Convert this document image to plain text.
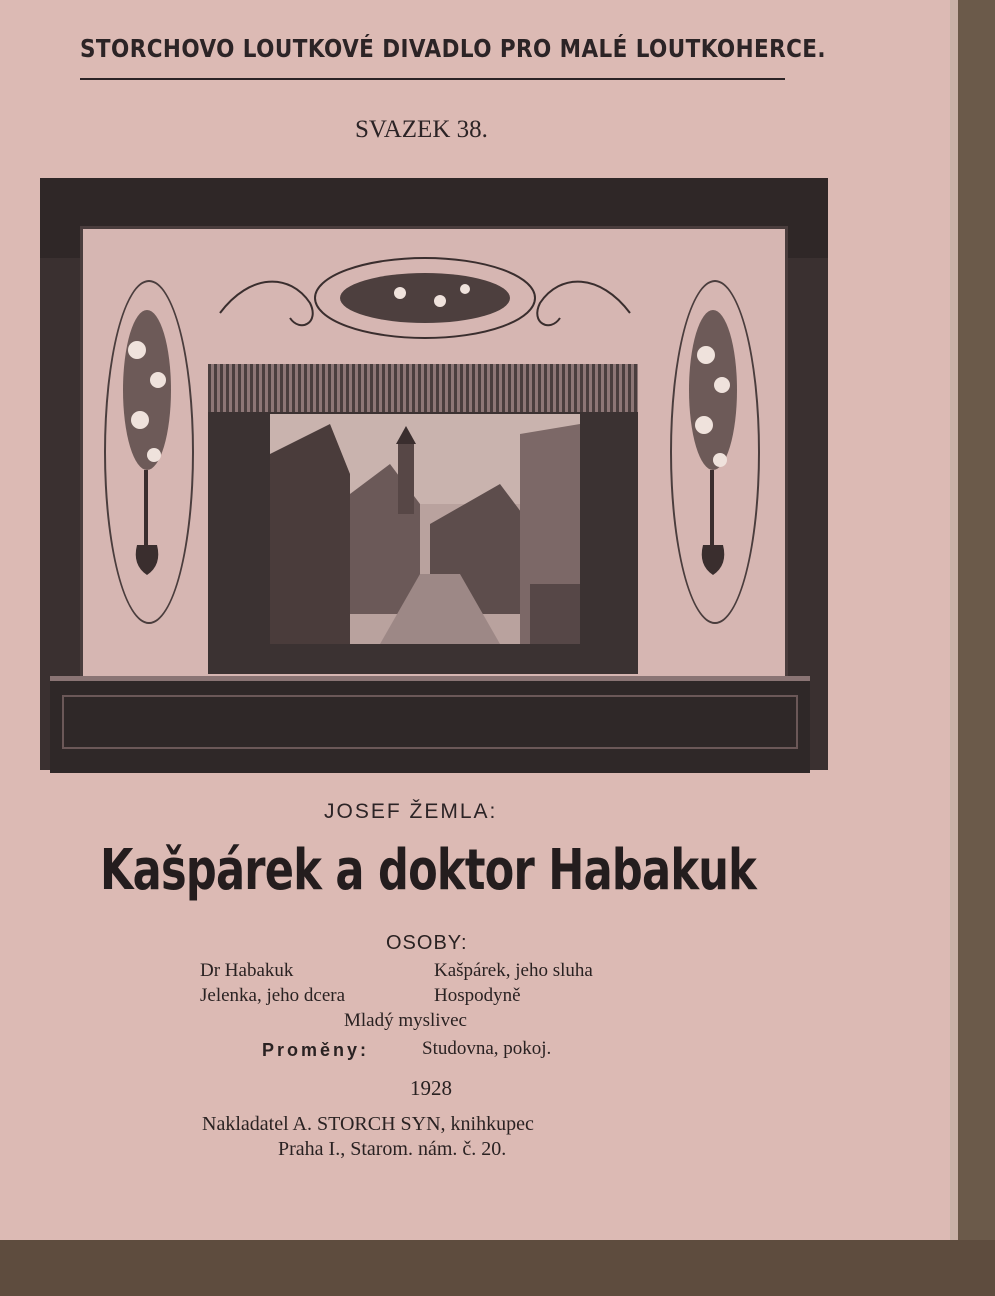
STORCHOVO LOUTKOVÉ DIVADLO PRO MALÉ LOUTKOHERCE.
SVAZEK 38.
JOSEF ŽEMLA:
Kašpárek a doktor Habakuk
OSOBY:
Dr Habakuk	Kašpárek, jeho sluha
Jelenka, jeho dcera	Hospodyně
Mladý myslivec
Proměny:	Studovna, pokoj.
1928
Nakladatel A. STORCH SYN, knihkupec
Praha I., Starom. nám. č. 20.
